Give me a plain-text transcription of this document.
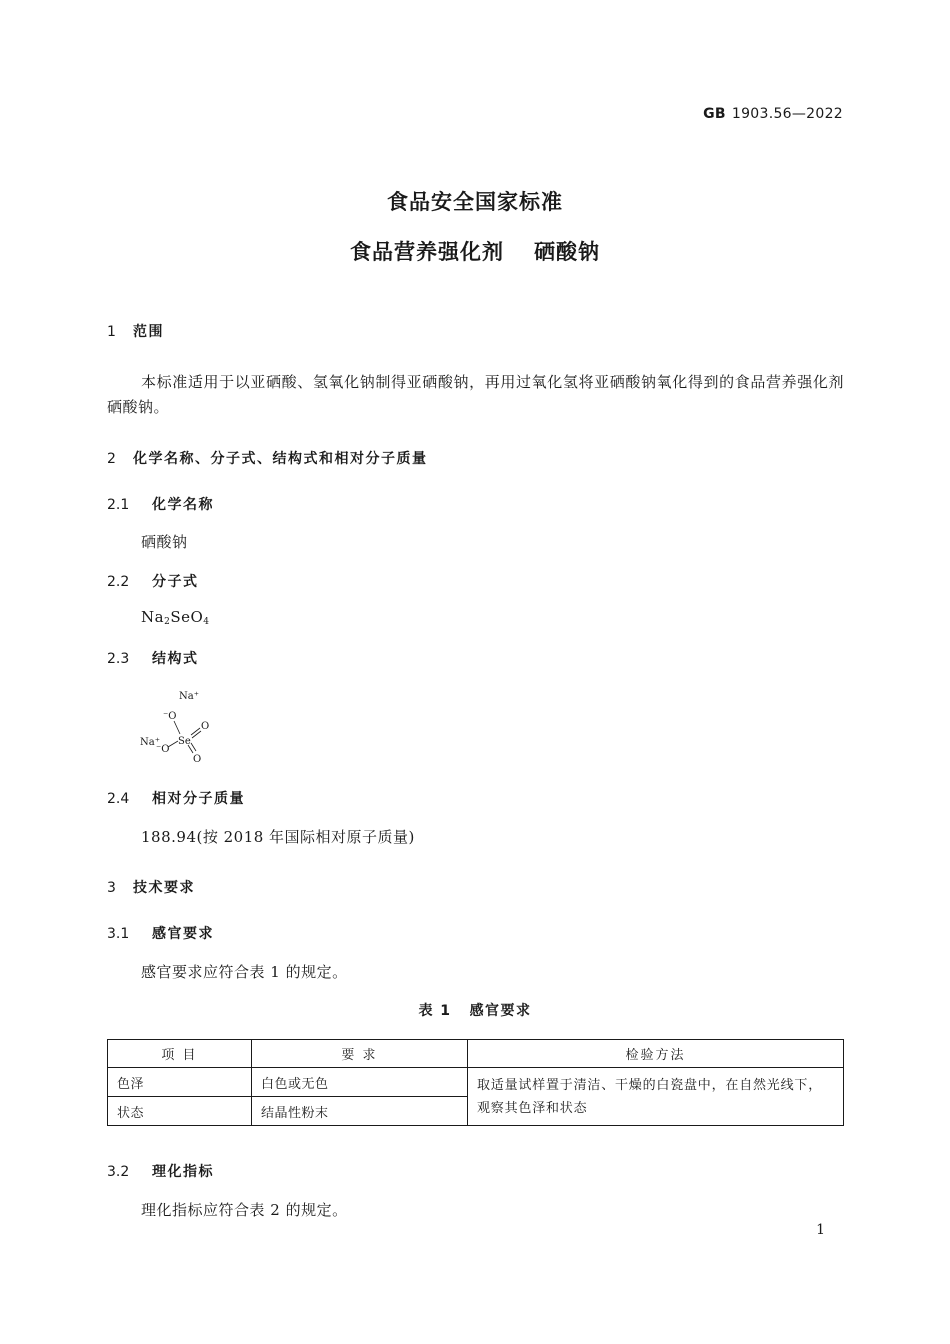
GB 1903.56—2022
食品安全国家标准
食品营养强化剂 硒酸钠
1 范围
本标准适用于以亚硒酸、氢氧化钠制得亚硒酸钠，再用过氧化氢将亚硒酸钠氧化得到的食品营养强化剂硒酸钠。
2 化学名称、分子式、结构式和相对分子质量
2.1 化学名称
硒酸钠
2.2 分子式
$Na_2SeO_4$
2.3 结构式
Na⁺
⁻O
Na⁺
⁻O
Se
O
O
2.4 相对分子质量
188.94(按 2018 年国际相对原子质量)
3 技术要求
3.1 感官要求
感官要求应符合表 1 的规定。
表 1 感官要求
项 目	要 求	检验方法
色泽	白色或无色	取适量试样置于清洁、干燥的白瓷盘中，在自然光线下，观察其色泽和状态
状态	结晶性粉末	
3.2 理化指标
理化指标应符合表 2 的规定。
1
